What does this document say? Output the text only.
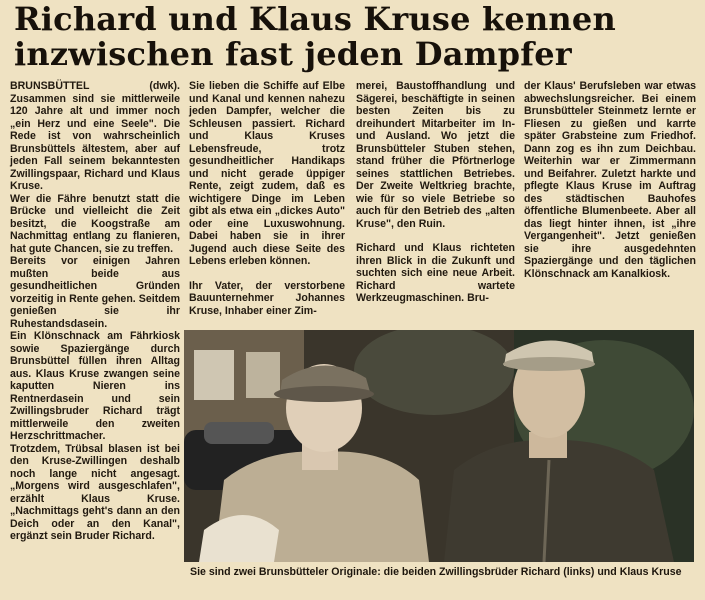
Richard und Klaus Kruse kennen
inzwischen fast jeden Dampfer

BRUNSBÜTTEL (dwk). Zusammen sind sie mittlerweile 120 Jahre alt und immer noch „ein Herz und eine Seele". Die Rede ist von wahrscheinlich Brunsbüttels ältestem, aber auf jeden Fall seinem bekanntesten Zwillingspaar, Richard und Klaus Kruse.

Wer die Fähre benutzt statt die Brücke und vielleicht die Zeit besitzt, die Koogstraße am Nachmittag entlang zu flanieren, hat gute Chancen, sie zu treffen.

Bereits vor einigen Jahren mußten beide aus gesundheitlichen Gründen vorzeitig in Rente gehen. Seitdem genießen sie ihr Ruhestandsdasein.

Ein Klönschnack am Fährkiosk sowie Spaziergänge durch Brunsbüttel füllen ihren Alltag aus. Klaus Kruse zwangen seine kaputten Nieren ins Rentnerdasein und sein Zwillingsbruder Richard trägt mittlerweile den zweiten Herzschrittmacher.

Trotzdem, Trübsal blasen ist bei den Kruse-Zwillingen deshalb noch lange nicht angesagt. „Morgens wird ausgeschlafen", erzählt Klaus Kruse. „Nachmittags geht's dann an den Deich oder an den Kanal", ergänzt sein Bruder Richard.

Sie lieben die Schiffe auf Elbe und Kanal und kennen nahezu jeden Dampfer, welcher die Schleusen passiert. Richard und Klaus Kruses Lebensfreude, trotz gesundheitlicher Handikaps und nicht gerade üppiger Rente, zeigt zudem, daß es wichtigere Dinge im Leben gibt als etwa ein „dickes Auto" oder eine Luxuswohnung. Dabei haben sie in ihrer Jugend auch diese Seite des Lebens erleben können.

Ihr Vater, der verstorbene Bauunternehmer Johannes Kruse, Inhaber einer Zim-

merei, Baustoffhandlung und Sägerei, beschäftigte in seinen besten Zeiten bis zu dreihundert Mitarbeiter im In- und Ausland. Wo jetzt die Brunsbütteler Stuben stehen, stand früher die Pförtnerloge seines stattlichen Betriebes. Der Zweite Weltkrieg brachte, wie für so viele Betriebe so auch für den Betrieb des „alten Kruse", den Ruin.

Richard und Klaus richteten ihren Blick in die Zukunft und suchten sich eine neue Arbeit. Richard wartete Werkzeugmaschinen. Bru-

der Klaus' Berufsleben war etwas abwechslungsreicher. Bei einem Brunsbütteler Steinmetz lernte er Fliesen zu gießen und karrte später Grabsteine zum Friedhof. Dann zog es ihn zum Deichbau. Weiterhin war er Zimmermann und Beifahrer. Zuletzt harkte und pflegte Klaus Kruse im Auftrag des städtischen Bauhofes öffentliche Blumenbeete. Aber all das liegt hinter ihnen, ist „ihre Vergangenheit". Jetzt genießen sie ihre ausgedehnten Spaziergänge und den täglichen Klönschnack am Kanalkiosk.

Sie sind zwei Brunsbütteler Originale: die beiden Zwillingsbrüder Richard (links) und Klaus Kruse
